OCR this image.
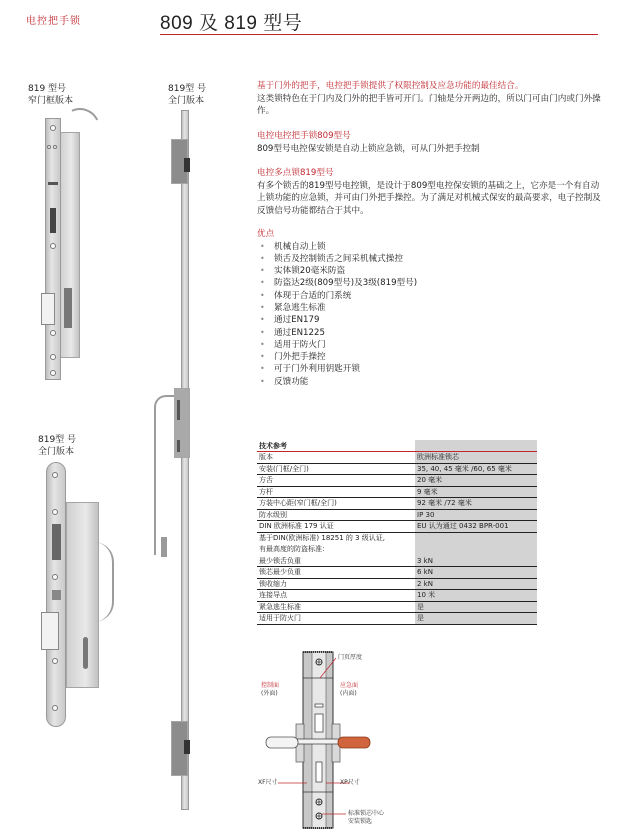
电控把手锁	809 及 819 型号
819 型号
窄门框版本
819型 号
全门版本
819型 号
全门版本
基于门外的把手，电控把手锁提供了权限控制及应急功能的最佳结合。
这类锁特色在于门内及门外的把手皆可开门。门轴是分开两边的，所以门可由门内或门外操作。
电控电控把手锁809型号
809型号电控保安锁是自动上锁应急锁，可从门外把手控制
电控多点锁819型号
有多个锁舌的819型号电控锁，是设计于809型电控保安锁的基础之上，它亦是一个有自动上锁功能的应急锁，并可由门外把手操控。为了满足对机械式保安的最高要求，电子控制及反馈信号功能都结合于其中。
优点
• 机械自动上锁
• 锁舌及控制锁舌之间采机械式操控
• 实体锁20毫米防盗
• 防盗达2级(809型号)及3级(819型号)
• 体现于合适的门系统
• 紧急逃生标准
• 通过EN179
• 通过EN1225
• 适用于防火门
• 门外把手操控
• 可于门外利用钥匙开锁
• 反馈功能
技术参考	
版本	欧洲标准锁芯
安装(门框/全门)	35, 40, 45 毫米 /60, 65 毫米
方舌	20 毫米
方杆	9 毫米
方装中心距(窄门框/全门)	92 毫米 /72 毫米
防水级别	IP 30
DIN 欧洲标准 179 认证	EU 认为通过 0432 BPR-001
基于DIN(欧洲标准) 18251 的 3 级认证,	
有最高度的防盗标准：	
最少锁舌负重	3 kN
锁芯最少负重	6 kN
锁收缩力	2 kN
连接导点	10 米
紧急逃生标准	是
适用于防火门	是
门页厚度
控制面
(外面)
应急面
(内面)
XF尺寸	XP尺寸
标准锁芯中心
安装锁匙
